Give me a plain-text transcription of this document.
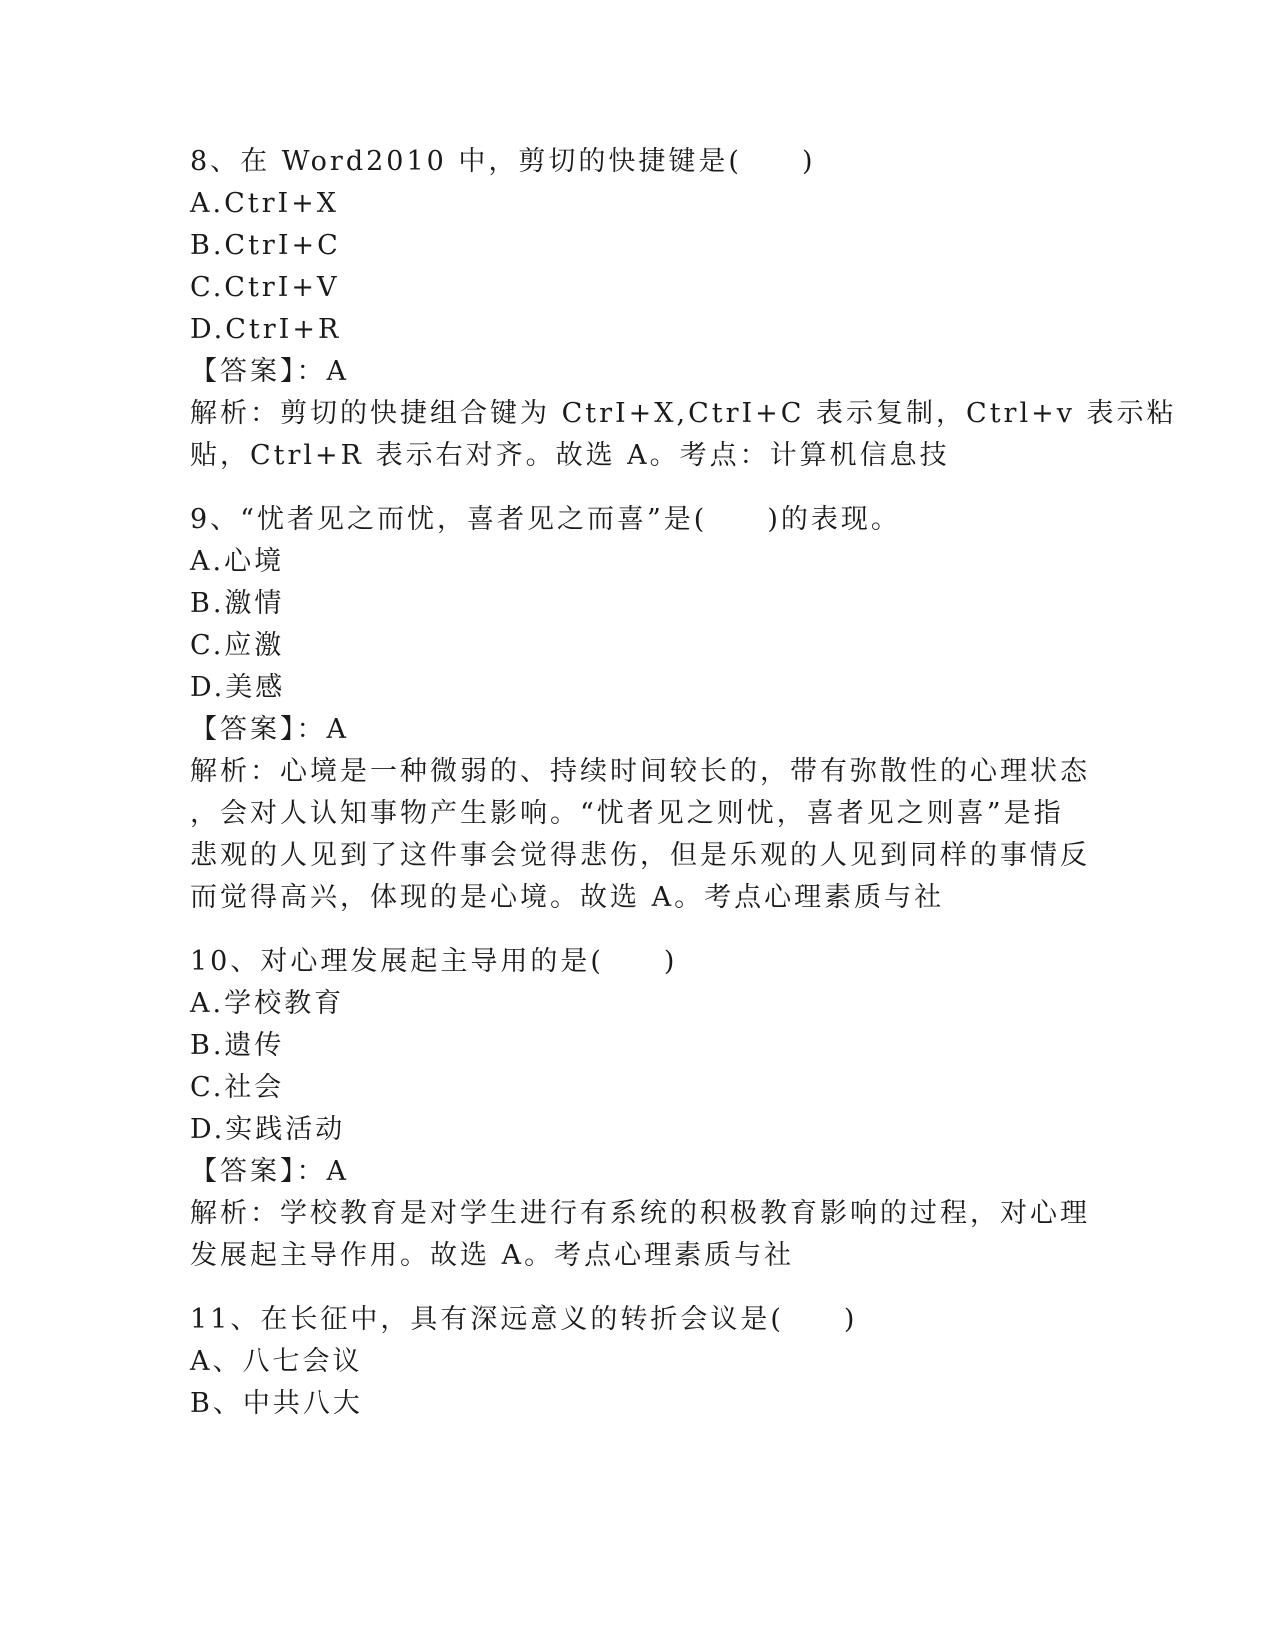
8、在 Word2010 中，剪切的快捷键是(　　)
A.CtrI+X
B.CtrI+C
C.CtrI+V
D.CtrI+R
【答案】：A
解析：剪切的快捷组合键为 CtrI+X,CtrI+C 表示复制，Ctrl+v 表示粘
贴，Ctrl+R 表示右对齐。故选 A。考点：计算机信息技
9、“忧者见之而忧，喜者见之而喜”是(　　)的表现。
A.心境
B.激情
C.应激
D.美感
【答案】：A
解析：心境是一种微弱的、持续时间较长的，带有弥散性的心理状态
，会对人认知事物产生影响。“忧者见之则忧，喜者见之则喜”是指
悲观的人见到了这件事会觉得悲伤，但是乐观的人见到同样的事情反
而觉得高兴，体现的是心境。故选 A。考点心理素质与社
10、对心理发展起主导用的是(　　)
A.学校教育
B.遗传
C.社会
D.实践活动
【答案】：A
解析：学校教育是对学生进行有系统的积极教育影响的过程，对心理
发展起主导作用。故选 A。考点心理素质与社
11、在长征中，具有深远意义的转折会议是(　　)
A、八七会议
B、中共八大
